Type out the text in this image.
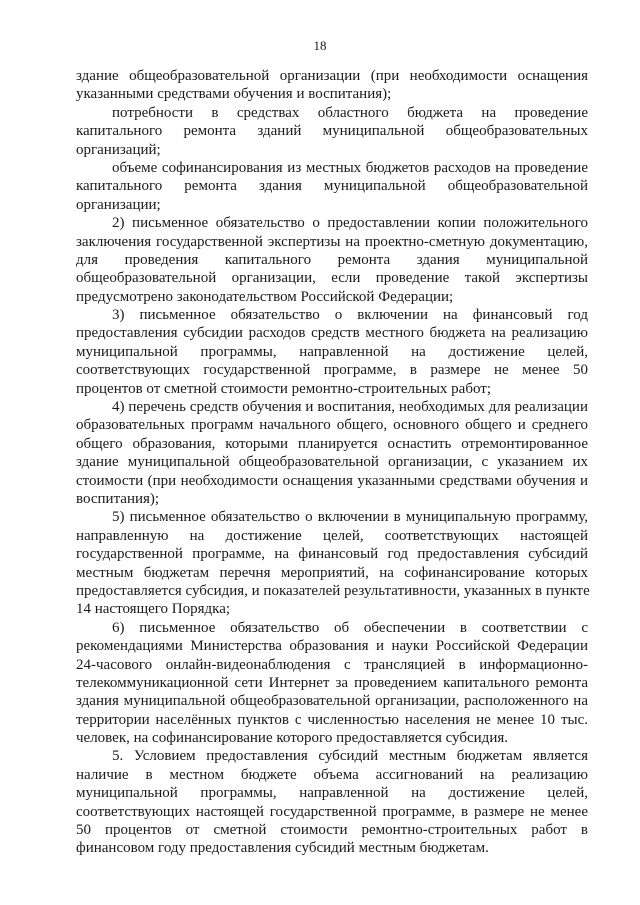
18
здание общеобразовательной организации (при необходимости оснащения
указанными средствами обучения и воспитания);
потребности в средствах областного бюджета на проведение
капитального ремонта зданий муниципальной общеобразовательных
организаций;
объеме софинансирования из местных бюджетов расходов на проведение
капитального ремонта здания муниципальной общеобразовательной
организации;
2) письменное обязательство о предоставлении копии положительного
заключения государственной экспертизы на проектно-сметную документацию,
для проведения капитального ремонта здания муниципальной
общеобразовательной организации, если проведение такой экспертизы
предусмотрено законодательством Российской Федерации;
3) письменное обязательство о включении на финансовый год
предоставления субсидии расходов средств местного бюджета на реализацию
муниципальной программы, направленной на достижение целей,
соответствующих государственной программе, в размере не менее 50
процентов от сметной стоимости ремонтно-строительных работ;
4) перечень средств обучения и воспитания, необходимых для реализации
образовательных программ начального общего, основного общего и среднего
общего образования, которыми планируется оснастить отремонтированное
здание муниципальной общеобразовательной организации, с указанием их
стоимости (при необходимости оснащения указанными средствами обучения и
воспитания);
5) письменное обязательство о включении в муниципальную программу,
направленную на достижение целей, соответствующих настоящей
государственной программе, на финансовый год предоставления субсидий
местным бюджетам перечня мероприятий, на софинансирование которых
предоставляется субсидия, и показателей результативности, указанных в пункте
14 настоящего Порядка;
6) письменное обязательство об обеспечении в соответствии с
рекомендациями Министерства образования и науки Российской Федерации
24-часового онлайн-видеонаблюдения с трансляцией в информационно-
телекоммуникационной сети Интернет за проведением капитального ремонта
здания муниципальной общеобразовательной организации, расположенного на
территории населённых пунктов с численностью населения не менее 10 тыс.
человек, на софинансирование которого предоставляется субсидия.
5. Условием предоставления субсидий местным бюджетам является
наличие в местном бюджете объема ассигнований на реализацию
муниципальной программы, направленной на достижение целей,
соответствующих настоящей государственной программе, в размере не менее
50 процентов от сметной стоимости ремонтно-строительных работ в
финансовом году предоставления субсидий местным бюджетам.
